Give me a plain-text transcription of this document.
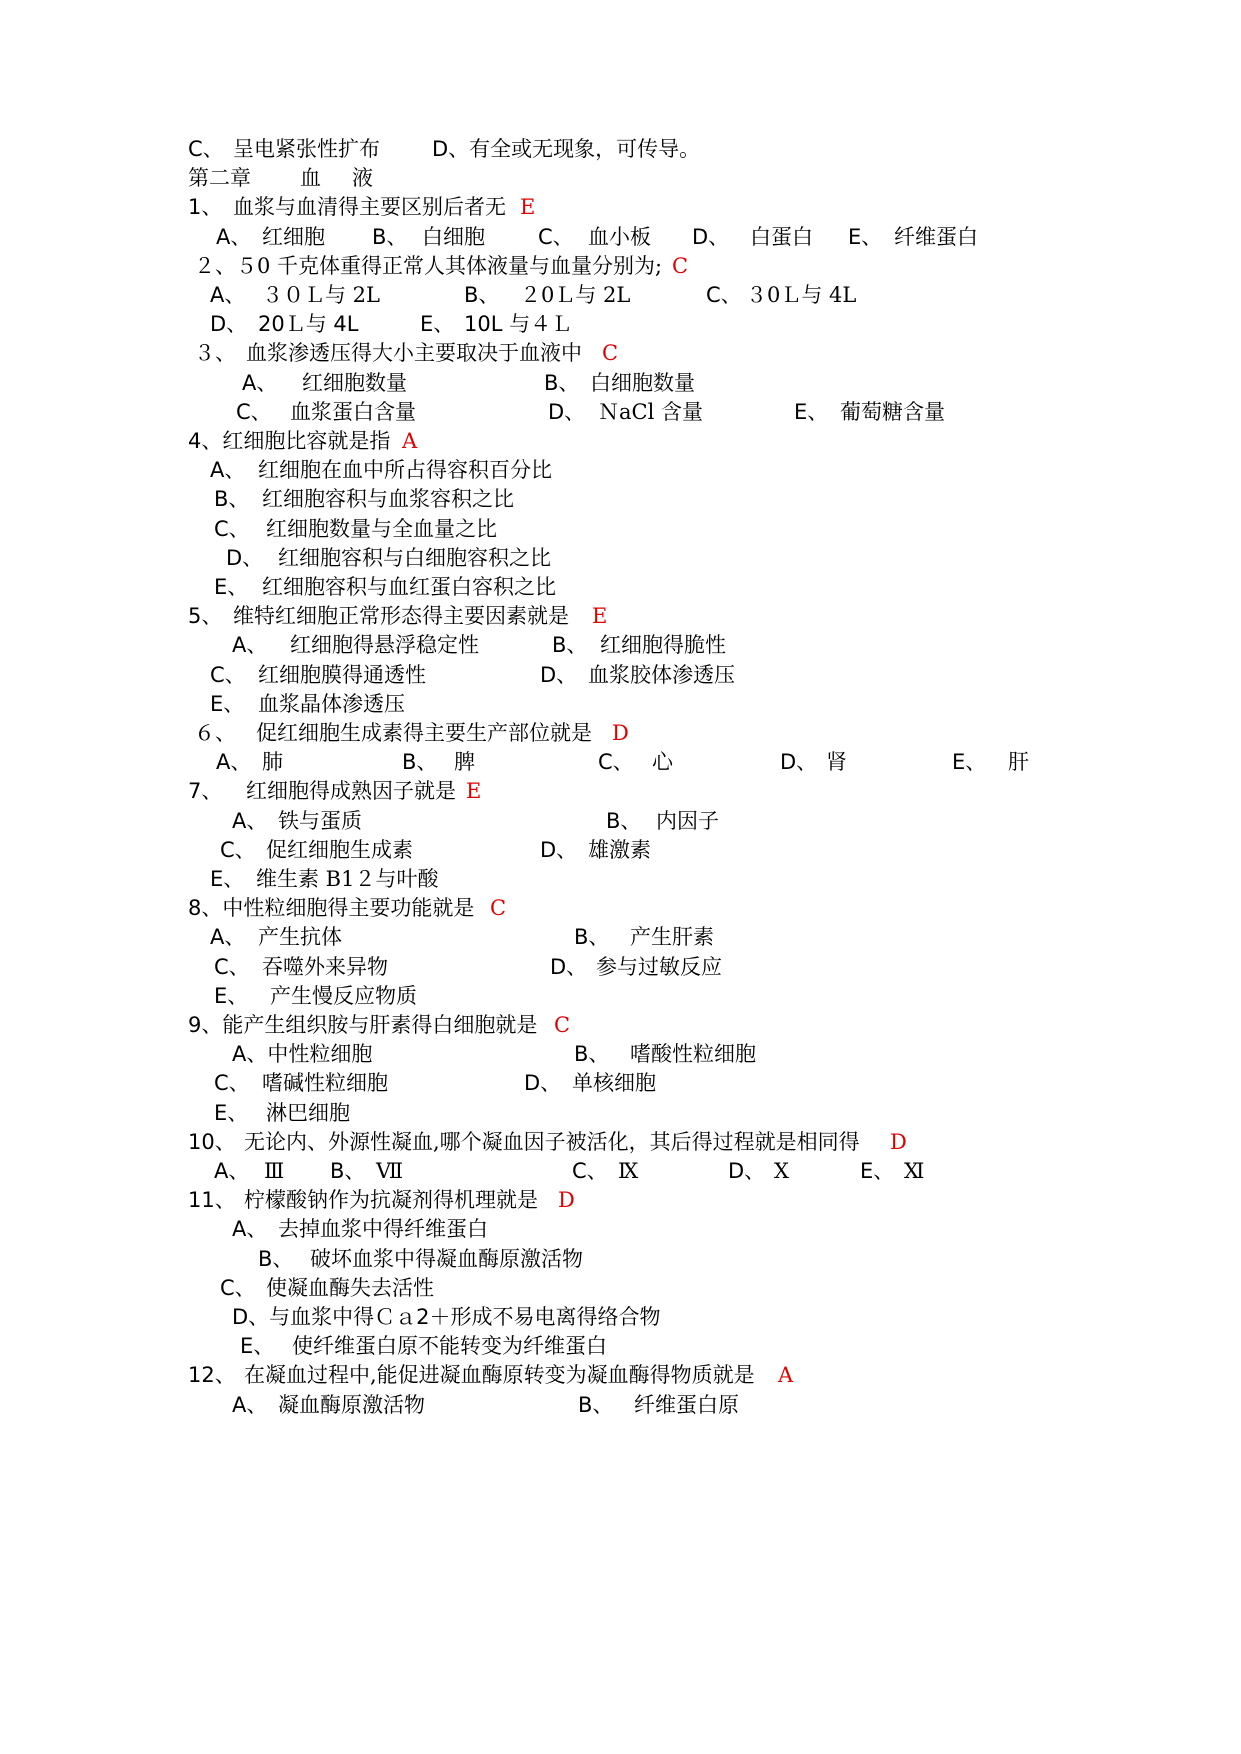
C、 呈电紧张性扩布 D、有全或无现象，可传导。
第二章 血 液
1、 血浆与血清得主要区别后者无 E
A、 红细胞 B、 白细胞	C、 血小板 D、 白蛋白 E、 纤维蛋白
２、５0 千克体重得正常人其体液量与血量分别为; C
A、 ３０Ｌ与 2L	B、 ２0Ｌ与 2L	C、 ３0Ｌ与 4L
D、 20Ｌ与 4L	E、 10L 与４Ｌ
３、 血浆渗透压得大小主要取决于血液中 C
A、 红细胞数量	B、 白细胞数量
C、 血浆蛋白含量	D、 ＮaCl 含量	E、 葡萄糖含量
4、红细胞比容就是指 A
A、 红细胞在血中所占得容积百分比
B、 红细胞容积与血浆容积之比
C、 红细胞数量与全血量之比
D、 红细胞容积与白细胞容积之比
E、 红细胞容积与血红蛋白容积之比
5、 维特红细胞正常形态得主要因素就是 E
A、 红细胞得悬浮稳定性	B、 红细胞得脆性
C、 红细胞膜得通透性	D、 血浆胶体渗透压
E、 血浆晶体渗透压
６、 促红细胞生成素得主要生产部位就是 D
A、 肺	B、 脾	C、 心	D、 肾	E、 肝
7、 红细胞得成熟因子就是 E
A、 铁与蛋质	B、 内因子
C、 促红细胞生成素	D、 雄激素
E、 维生素 B1２与叶酸
8、中性粒细胞得主要功能就是 C
A、 产生抗体	B、 产生肝素
C、 吞噬外来异物	D、 参与过敏反应
E、 产生慢反应物质
9、能产生组织胺与肝素得白细胞就是 C
A、中性粒细胞	B、 嗜酸性粒细胞
C、 嗜碱性粒细胞	D、 单核细胞
E、 淋巴细胞
10、 无论内、外源性凝血,哪个凝血因子被活化，其后得过程就是相同得 D
A、 Ⅲ B、 Ⅶ	C、 Ⅸ	D、 Ⅹ	E、 Ⅺ
11、 柠檬酸钠作为抗凝剂得机理就是 D
A、 去掉血浆中得纤维蛋白
B、 破坏血浆中得凝血酶原激活物
C、 使凝血酶失去活性
D、与血浆中得Ｃａ2＋形成不易电离得络合物
E、 使纤维蛋白原不能转变为纤维蛋白
12、 在凝血过程中,能促进凝血酶原转变为凝血酶得物质就是 A
A、 凝血酶原激活物	B、 纤维蛋白原
